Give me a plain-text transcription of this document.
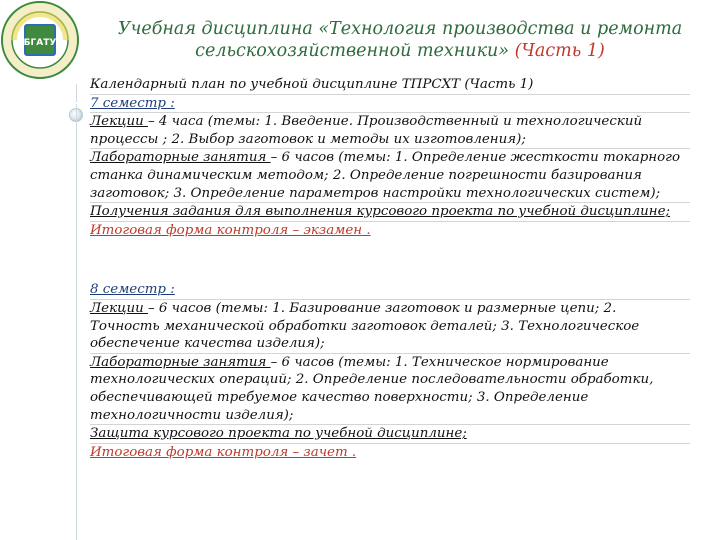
БГАТУ
Учебная дисциплина «Технология производства и ремонта
сельскохозяйственной техники» (Часть 1)

Календарный план по учебной дисциплине ТПРСХТ (Часть 1)

7 семестр :

Лекции – 4 часа (темы: 1. Введение. Производственный и технологический процессы ; 2. Выбор заготовок и методы их изготовления);

Лабораторные занятия – 6 часов (темы: 1. Определение жесткости токарного станка динамическим методом; 2. Определение погрешности базирования заготовок; 3. Определение параметров настройки технологических систем);

Получения задания для выполнения курсового проекта по учебной дисциплине;

Итоговая форма контроля – экзамен .

8 семестр :

Лекции – 6 часов (темы: 1. Базирование заготовок и размерные цепи; 2. Точность механической обработки заготовок деталей; 3. Технологическое обеспечение качества изделия);

Лабораторные занятия – 6 часов (темы: 1. Техническое нормирование технологических операций; 2. Определение последовательности обработки, обеспечивающей требуемое качество поверхности; 3. Определение технологичности изделия);

Защита курсового проекта по учебной дисциплине;

Итоговая форма контроля – зачет .
